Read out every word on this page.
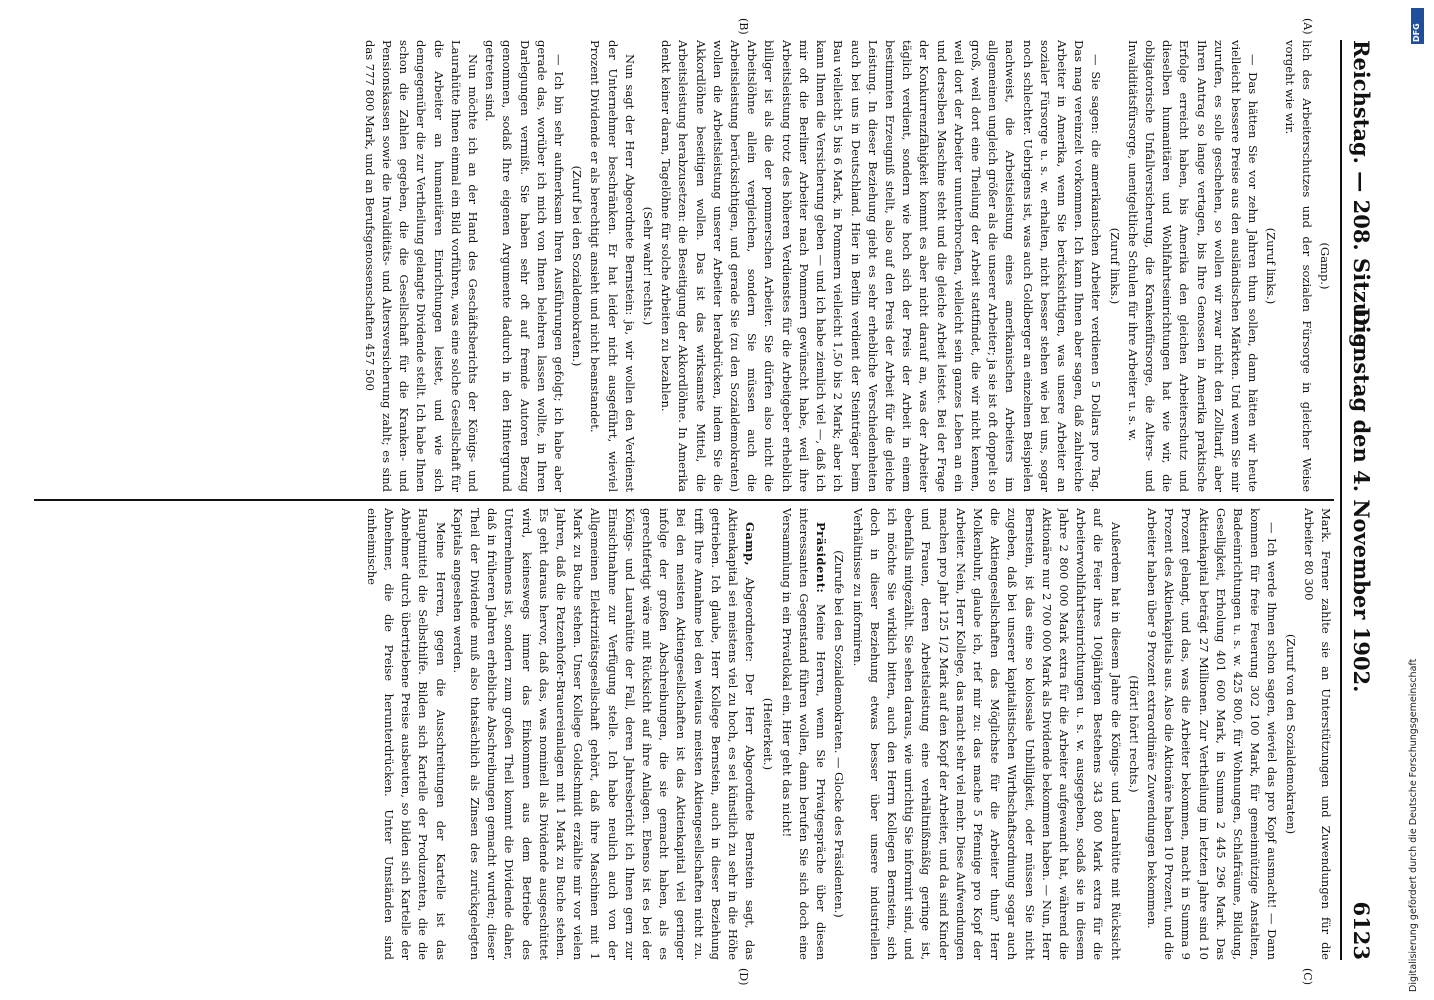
Reichstag. — 208. Sitzung.
Dienstag den 4. November 1902.
6123
(A)
(B)
(C)
(D)

(Gamp.)

lich des Arbeiterschutzes und der sozialen Fürsorge in gleicher Weise vorgeht wie wir.

(Zuruf links.)

— Das hätten Sie vor zehn Jahren thun sollen, dann hätten wir heute vielleicht bessere Preise aus den ausländischen Märkten. Und wenn Sie mir zurufen, es solle geschehen, so wollen wir zwar nicht den Zolltarif, aber Ihren Antrag so lange vertagen, bis Ihre Genossen in Amerika praktische Erfolge erreicht haben, bis Amerika den gleichen Arbeiterschutz und dieselben humanitären und Wohlfahrtseinrichtungen hat wie wir, die obligatorische Unfallversicherung, die Krankenfürsorge, die Alters- und Invaliditätsfürsorge, unentgeltliche Schulen für ihre Arbeiter u. s. w.

(Zuruf links.)

— Sie sagen: die amerikanischen Arbeiter verdienen 5 Dollars pro Tag. Das mag vereinzelt vorkommen. Ich kann Ihnen aber sagen, daß zahlreiche Arbeiter in Amerika, wenn Sie berücksichtigen, was unsere Arbeiter an sozialer Fürsorge u. s. w. erhalten, nicht besser stehen wie bei uns, sogar noch schlechter. Uebrigens ist, was auch Goldberger an einzelnen Beispielen nachweist, die Arbeitsleistung eines amerikanischen Arbeiters im allgemeinen ungleich größer als die unserer Arbeiter; ja sie ist oft doppelt so groß, weil dort eine Theilung der Arbeit stattfindet, die wir nicht kennen, weil dort der Arbeiter ununterbrochen, vielleicht sein ganzes Leben an ein und derselben Maschine steht und die gleiche Arbeit leistet. Bei der Frage der Konkurrenzfähigkeit kommt es aber nicht darauf an, was der Arbeiter täglich verdient, sondern wie hoch sich der Preis der Arbeit in einem bestimmten Erzeugniß stellt, also auf den Preis der Arbeit für die gleiche Leistung. In dieser Beziehung giebt es sehr erhebliche Verschiedenheiten auch bei uns in Deutschland. Hier in Berlin verdient der Steinträger beim Bau vielleicht 5 bis 6 Mark, in Pommern vielleicht 1,50 bis 2 Mark; aber ich kann Ihnen die Versicherung geben — und ich habe ziemlich viel —, daß ich mir oft die Berliner Arbeiter nach Pommern gewünscht habe, weil ihre Arbeitsleistung trotz des höheren Verdienstes für die Arbeitgeber erheblich billiger ist als die der pommerschen Arbeiter. Sie dürfen also nicht die Arbeitslöhne allein vergleichen, sondern Sie müssen auch die Arbeitsleistung berücksichtigen, und gerade Sie (zu den Sozialdemokraten) wollen die Arbeitsleistung unserer Arbeiter herabdrücken, indem Sie die Akkordlöhne beseitigen wollen. Das ist das wirksamste Mittel, die Arbeitsleistung herabzusetzen: die Beseitigung der Akkordlöhne. In Amerika denkt keiner daran, Tagelöhne für solche Arbeiten zu bezahlen.

(Sehr wahr! rechts.)

Nun sagt der Herr Abgeordnete Bernstein: ja, wir wollen den Verdienst der Unternehmer beschränken. Er hat leider nicht ausgeführt, wieviel Prozent Dividende er als berechtigt ansieht und nicht beanstandet.

(Zuruf bei den Sozialdemokraten.)

— Ich bin sehr aufmerksam Ihren Ausführungen gefolgt; ich habe aber gerade das, worüber ich mich von Ihnen belehren lassen wollte, in Ihren Darlegungen vermißt. Sie haben sehr oft auf fremde Autoren Bezug genommen, sodaß Ihre eigenen Argumente dadurch in den Hintergrund getreten sind.

Nun möchte ich an der Hand des Geschäftsberichts der Königs- und Laurahütte Ihnen einmal ein Bild vorführen, was eine solche Gesellschaft für die Arbeiter an humanitären Einrichtungen leistet, und wie sich demgegenüber die zur Vertheilung gelangte Dividende stellt. Ich habe Ihnen schon die Zahlen gegeben, die die Gesellschaft für die Kranken- und Pensionskassen sowie die Invaliditäts- und Altersversicherung zahlt; es sind das 777 800 Mark, und an Berufsgenossenschaften 457 500

Mark. Ferner zahlte sie an Unterstützungen und Zuwendungen für die Arbeiter 80 300

(Zuruf von den Sozialdemokraten)

— Ich werde Ihnen schon sagen, wieviel das pro Kopf ausmacht! — Dann kommen für freie Feuerung 302 100 Mark, für gemeinnützige Anstalten, Badeeinrichtungen u. s. w. 425 800, für Wohnungen, Schlafräume, Bildung, Geselligkeit, Erholung 401 600 Mark, in Summa 2 445 296 Mark. Das Aktienkapital beträgt 27 Millionen. Zur Vertheilung im letzten Jahre sind 10 Prozent gelangt, und das, was die Arbeiter bekommen, macht in Summa 9 Prozent des Aktienkapitals aus. Also die Aktionäre haben 10 Prozent, und die Arbeiter haben über 9 Prozent extraordinäre Zuwendungen bekommen.

(Hört! hört! rechts.)

Außerdem hat in diesem Jahre die Königs- und Laurahütte mit Rücksicht auf die Feier ihres 100jährigen Bestehens 343 800 Mark extra für die Arbeiterwohlfahrtseinrichtungen u. s. w. ausgegeben, sodaß sie in diesem Jahre 2 800 000 Mark extra für die Arbeiter aufgewandt hat, während die Aktionäre nur 2 700 000 Mark als Dividende bekommen haben. — Nun, Herr Bernstein, ist das eine so kolossale Unbilligkeit, oder müssen Sie nicht zugeben, daß bei unserer kapitalistischen Wirthschaftsordnung sogar auch die Aktiengesellschaften das Möglichste für die Arbeiter thun? Herr Molkenbuhr, glaube ich, rief mir zu: das mache 5 Pfennige pro Kopf der Arbeiter. Nein, Herr Kollege, das macht sehr viel mehr. Diese Aufwendungen machen pro Jahr 125 1/2 Mark auf den Kopf der Arbeiter, und da sind Kinder und Frauen, deren Arbeitsleistung eine verhältnißmäßig geringe ist, ebenfalls mitgezählt. Sie sehen daraus, wie unrichtig Sie informirt sind, und ich möchte Sie wirklich bitten, auch den Herrn Kollegen Bernstein, sich doch in dieser Beziehung etwas besser über unsere industriellen Verhältnisse zu informiren.

(Zurufe bei den Sozialdemokraten. — Glocke des Präsidenten.)

Präsident: Meine Herren, wenn Sie Privatgespräche über diesen interessanten Gegenstand führen wollen, dann berufen Sie sich doch eine Versammlung in ein Privatlokal ein. Hier geht das nicht!

(Heiterkeit.)

Gamp, Abgeordneter: Der Herr Abgeordnete Bernstein sagt, das Aktienkapital sei meistens viel zu hoch, es sei künstlich zu sehr in die Höhe getrieben. Ich glaube, Herr Kollege Bernstein, auch in dieser Beziehung trifft Ihre Annahme bei den weitaus meisten Aktiengesellschaften nicht zu. Bei den meisten Aktiengesellschaften ist das Aktienkapital viel geringer infolge der großen Abschreibungen, die sie gemacht haben, als es gerechtfertigt wäre mit Rücksicht auf ihre Anlagen. Ebenso ist es bei der Königs- und Laurahütte der Fall, deren Jahresbericht ich Ihnen gern zur Einsichtnahme zur Verfügung stelle. Ich habe neulich auch von der Allgemeinen Elektrizitätsgesellschaft gehört, daß ihre Maschinen mit 1 Mark zu Buche stehen. Unser Kollege Goldschmidt erzählte mir vor vielen Jahren, daß die Patzenhofer-Brauereianlagen mit 1 Mark zu Buche stehen. Es geht daraus hervor, daß das, was nominell als Dividende ausgeschüttet wird, keineswegs immer das Einkommen aus dem Betriebe des Unternehmens ist, sondern zum großen Theil kommt die Dividende daher, daß in früheren Jahren erhebliche Abschreibungen gemacht wurden; dieser Theil der Dividende muß also thatsächlich als Zinsen des zurückgelegten Kapitals angesehen werden.

Meine Herren, gegen die Ausschreitungen der Kartelle ist das Hauptmittel die Selbsthilfe. Bilden sich Kartelle der Produzenten, die die Abnehmer durch übertriebene Preise ausbeuten, so bilden sich Kartelle der Abnehmer, die die Preise herunterdrücken. Unter Umständen sind einheimische

DFG
Digitalisierung gefördert durch die Deutsche Forschungsgemeinschaft
